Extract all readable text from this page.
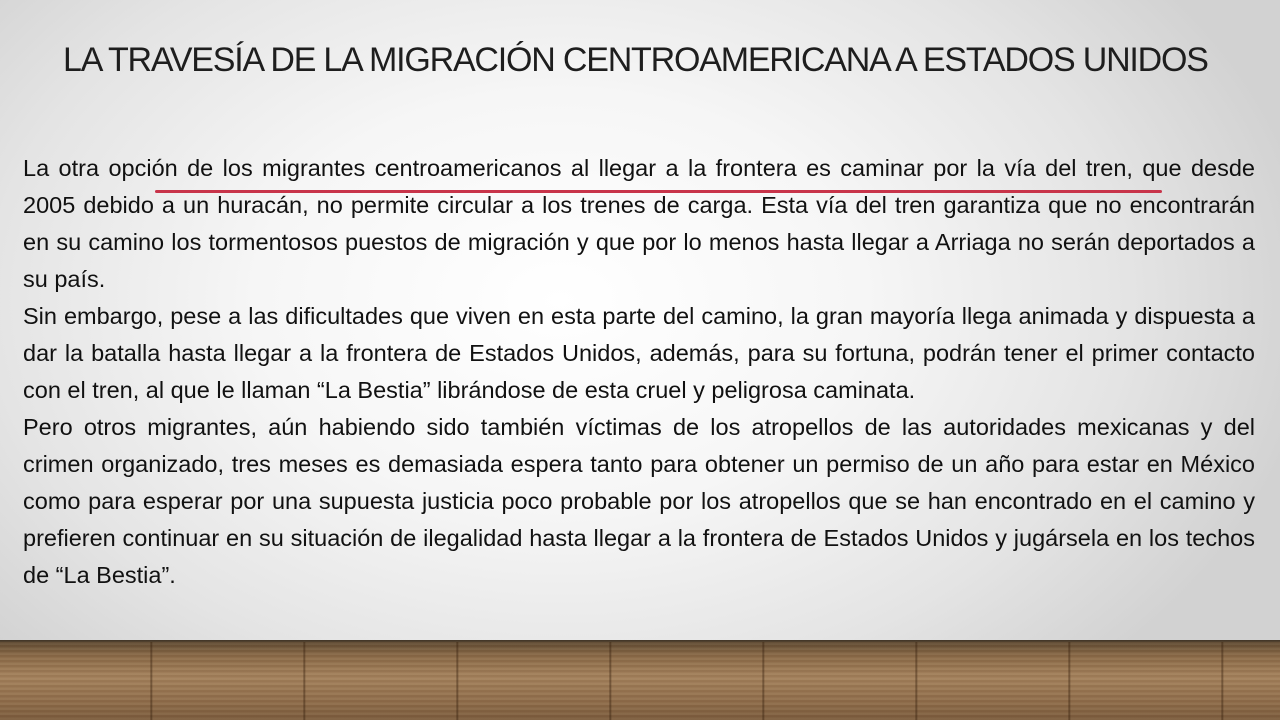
LA TRAVESÍA DE LA MIGRACIÓN CENTROAMERICANA A ESTADOS UNIDOS

La otra opción de los migrantes centroamericanos al llegar a la frontera es caminar por la vía del tren, que desde 2005 debido a un huracán, no permite circular a los trenes de carga. Esta vía del tren garantiza que no encontrarán en su camino los tormentosos puestos de migración y que por lo menos hasta llegar a Arriaga no serán deportados a su país.

Sin embargo, pese a las dificultades que viven en esta parte del camino, la gran mayoría llega animada y dispuesta a dar la batalla hasta llegar a la frontera de Estados Unidos, además, para su fortuna, podrán tener el primer contacto con el tren, al que le llaman “La Bestia” librándose de esta cruel y peligrosa caminata.

Pero otros migrantes, aún habiendo sido también víctimas de los atropellos de las autoridades mexicanas y del crimen organizado, tres meses es demasiada espera tanto para obtener un permiso de un año para estar en México como para esperar por una supuesta justicia poco probable por los atropellos que se han encontrado en el camino y prefieren continuar en su situación de ilegalidad hasta llegar a la frontera de Estados Unidos y jugársela en los techos de “La Bestia”.
